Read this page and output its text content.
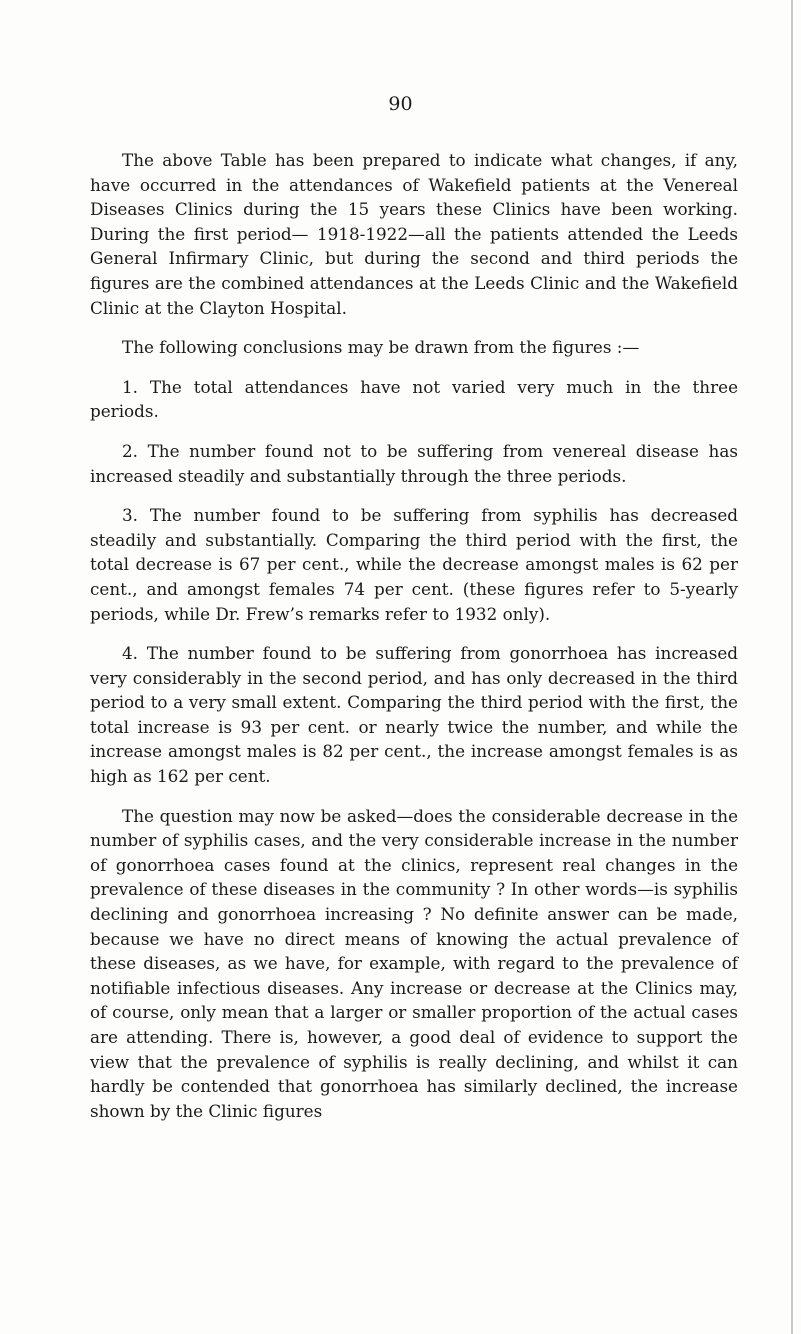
90

The above Table has been prepared to indicate what changes, if any, have occurred in the attendances of Wakefield patients at the Venereal Diseases Clinics during the 15 years these Clinics have been working. During the first period— 1918-1922—all the patients attended the Leeds General Infirmary Clinic, but during the second and third periods the figures are the combined attendances at the Leeds Clinic and the Wakefield Clinic at the Clayton Hospital.

The following conclusions may be drawn from the figures :—

1. The total attendances have not varied very much in the three periods.

2. The number found not to be suffering from venereal disease has increased steadily and substantially through the three periods.

3. The number found to be suffering from syphilis has decreased steadily and substantially. Comparing the third period with the first, the total decrease is 67 per cent., while the decrease amongst males is 62 per cent., and amongst females 74 per cent. (these figures refer to 5-yearly periods, while Dr. Frew’s remarks refer to 1932 only).

4. The number found to be suffering from gonorrhoea has increased very considerably in the second period, and has only decreased in the third period to a very small extent. Comparing the third period with the first, the total increase is 93 per cent. or nearly twice the number, and while the increase amongst males is 82 per cent., the increase amongst females is as high as 162 per cent.

The question may now be asked—does the considerable decrease in the number of syphilis cases, and the very considerable increase in the number of gonorrhoea cases found at the clinics, represent real changes in the prevalence of these diseases in the community ? In other words—is syphilis declining and gonorrhoea increasing ? No definite answer can be made, because we have no direct means of knowing the actual prevalence of these diseases, as we have, for example, with regard to the prevalence of notifiable infectious diseases. Any increase or decrease at the Clinics may, of course, only mean that a larger or smaller proportion of the actual cases are attending. There is, however, a good deal of evidence to support the view that the prevalence of syphilis is really declining, and whilst it can hardly be contended that gonorrhoea has similarly declined, the increase shown by the Clinic figures
